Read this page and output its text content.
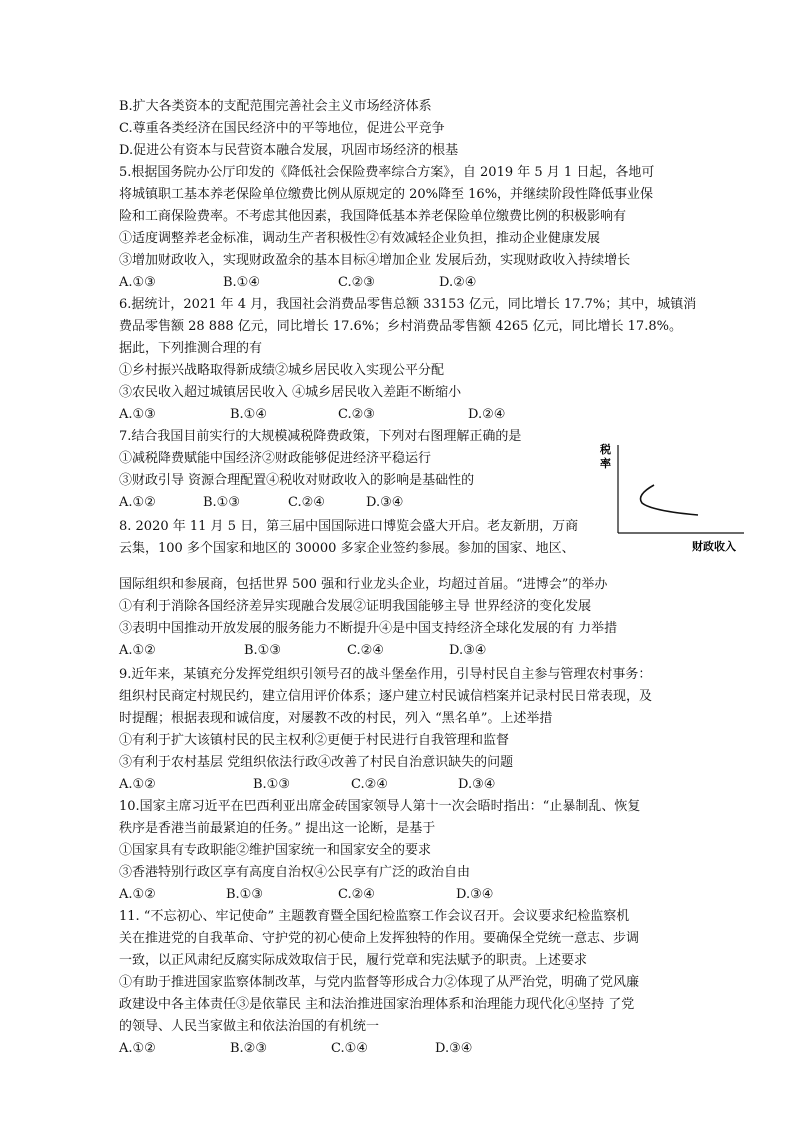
B.扩大各类资本的支配范围完善社会主义市场经济体系
C.尊重各类经济在国民经济中的平等地位，促进公平竞争
D.促进公有资本与民营资本融合发展，巩固市场经济的根基
5.根据国务院办公厅印发的《降低社会保险费率综合方案》，自 2019 年 5 月 1 日起，各地可
将城镇职工基本养老保险单位缴费比例从原规定的 20%降至 16%，并继续阶段性降低事业保
险和工商保险费率。不考虑其他因素，我国降低基本养老保险单位缴费比例的积极影响有
①适度调整养老金标准，调动生产者积极性②有效减轻企业负担，推动企业健康发展
③增加财政收入，实现财政盈余的基本目标④增加企业 发展后劲，实现财政收入持续增长
A.①③	B.①④	C.②③	D.②④
6.据统计，2021 年 4 月，我国社会消费品零售总额 33153 亿元，同比增长 17.7%；其中，城镇消
费品零售额 28 888 亿元，同比增长 17.6%；乡村消费品零售额 4265 亿元，同比增长 17.8%。
据此，下列推测合理的有
①乡村振兴战略取得新成绩②城乡居民收入实现公平分配
③农民收入超过城镇居民收入 ④城乡居民收入差距不断缩小
A.①③	B.①④	C.②③	D.②④
7.结合我国目前实行的大规模减税降费政策，下列对右图理解正确的是
①减税降费赋能中国经济②财政能够促进经济平稳运行
③财政引导 资源合理配置④税收对财政收入的影响是基础性的
A.①②	B.①③	C.②④	D.③④
税
率
财政收入
8. 2020 年 11 月 5 日，第三届中国国际进口博览会盛大开启。老友新朋，万商
云集，100 多个国家和地区的 30000 多家企业签约参展。参加的国家、地区、
国际组织和参展商，包括世界 500 强和行业龙头企业，均超过首届。“进博会”的举办
①有利于消除各国经济差异实现融合发展②证明我国能够主导 世界经济的变化发展
③表明中国推动开放发展的服务能力不断提升④是中国支持经济全球化发展的有 力举措
A.①②	B.①③	C.②④	D.③④
9.近年来，某镇充分发挥党组织引领号召的战斗堡垒作用，引导村民自主参与管理农村事务：
组织村民商定村规民约，建立信用评价体系；逐户建立村民诚信档案并记录村民日常表现，及
时提醒；根据表现和诚信度，对屡教不改的村民，列入 “黑名单”。上述举措
①有利于扩大该镇村民的民主权利②更便于村民进行自我管理和监督
③有利于农村基层 党组织依法行政④改善了村民自治意识缺失的问题
A.①②	B.①③	C.②④	D.③④
10.国家主席习近平在巴西利亚出席金砖国家领导人第十一次会晤时指出：“止暴制乱、恢复
秩序是香港当前最紧迫的任务。” 提出这一论断，是基于
①国家具有专政职能②维护国家统一和国家安全的要求
③香港特别行政区享有高度自治权④公民享有广泛的政治自由
A.①②	B.①③	C.②④	D.③④
11. “不忘初心、牢记使命” 主题教育暨全国纪检监察工作会议召开。会议要求纪检监察机
关在推进党的自我革命、守护党的初心使命上发挥独特的作用。要确保全党统一意志、步调
一致，以正风肃纪反腐实际成效取信于民，履行党章和宪法赋予的职责。上述要求
①有助于推进国家监察体制改革，与党内监督等形成合力②体现了从严治党，明确了党风廉
政建设中各主体责任③是依靠民 主和法治推进国家治理体系和治理能力现代化④坚持 了党
的领导、人民当家做主和依法治国的有机统一
A.①②	B.②③	C.①④	D.③④
